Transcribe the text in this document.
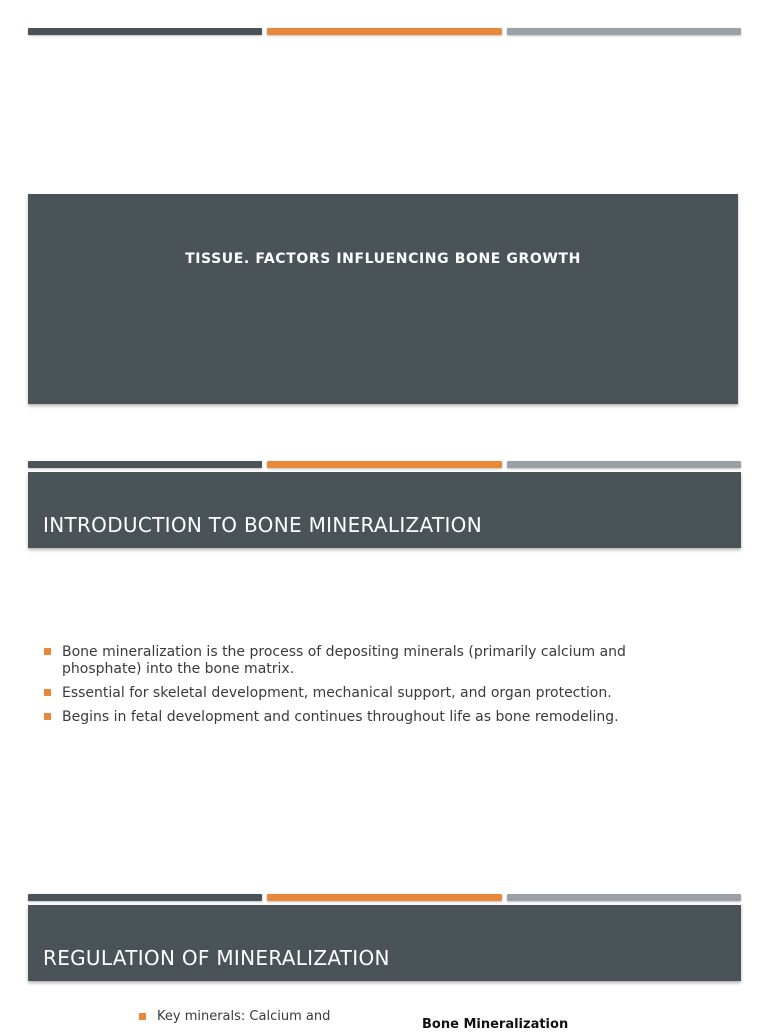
TISSUE. FACTORS INFLUENCING BONE GROWTH
INTRODUCTION TO BONE MINERALIZATION
Bone mineralization is the process of depositing minerals (primarily calcium and phosphate) into the bone matrix.
Essential for skeletal development, mechanical support, and organ protection.
Begins in fetal development and continues throughout life as bone remodeling.
REGULATION OF MINERALIZATION
Key minerals: Calcium and
Bone Mineralization
